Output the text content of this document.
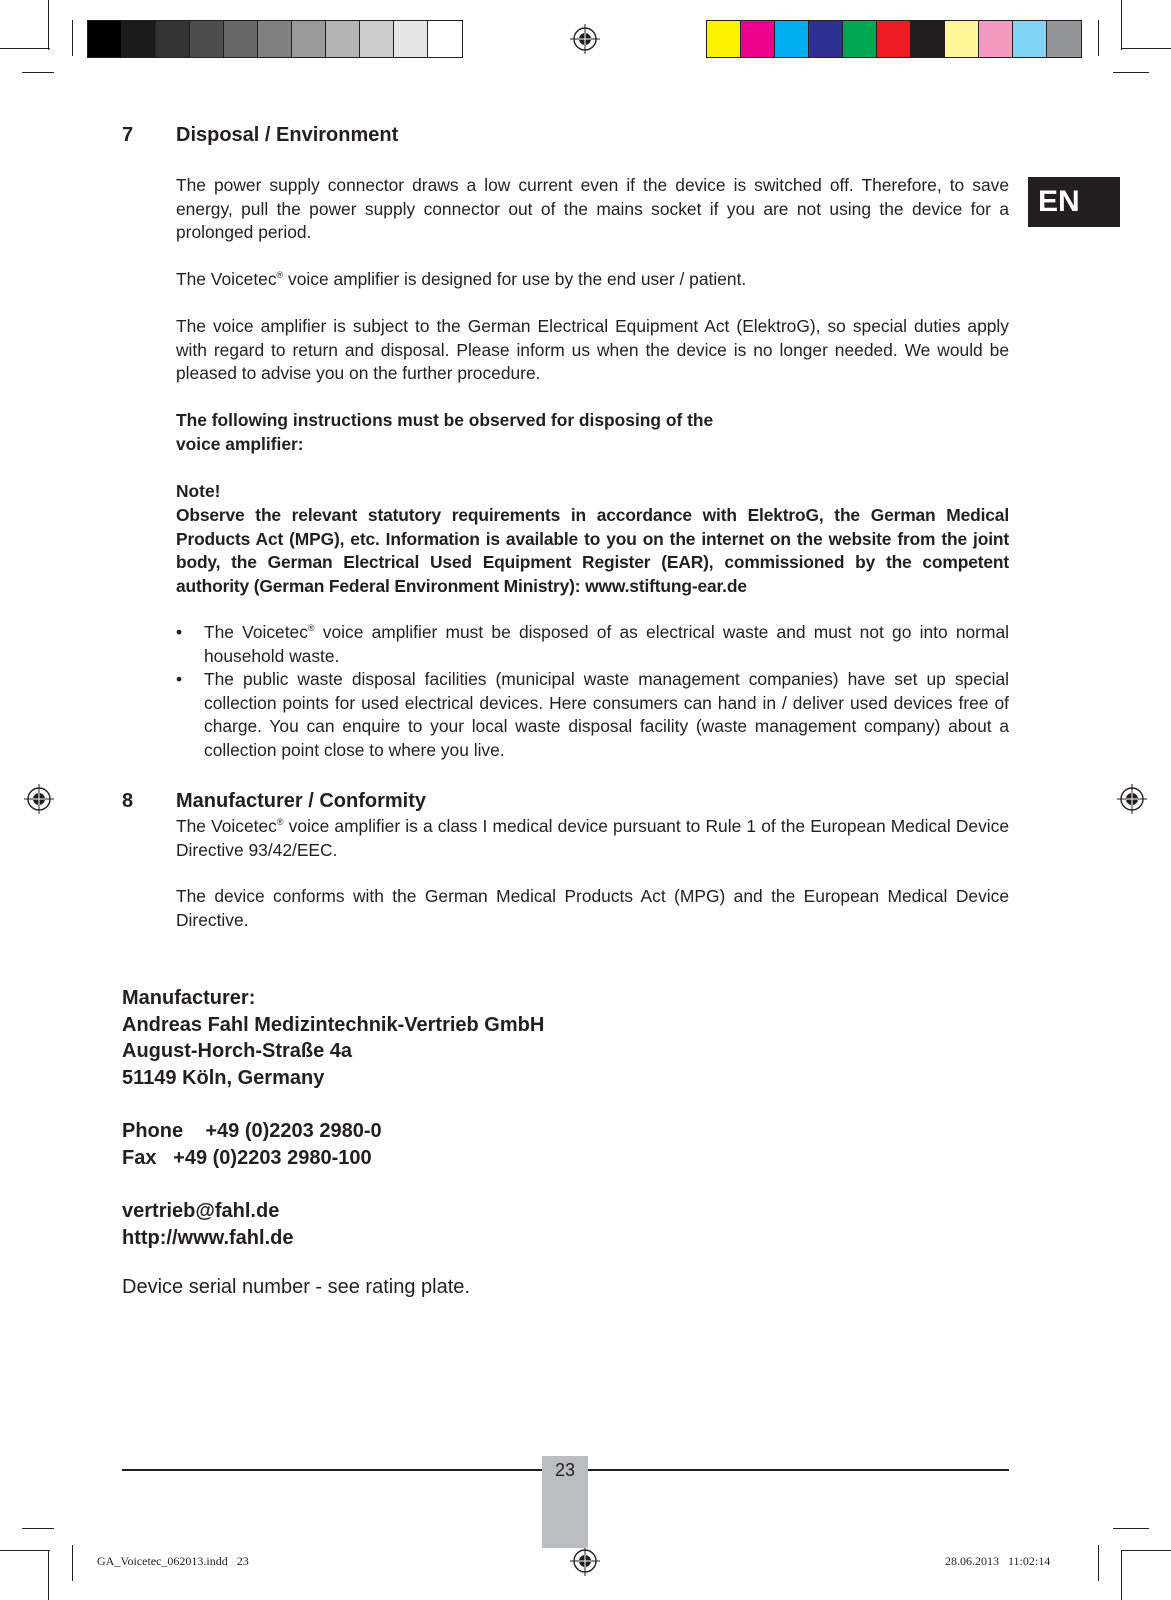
EN
7 Disposal / Environment
The power supply connector draws a low current even if the device is switched off. Therefore, to save energy, pull the power supply connector out of the mains socket if you are not using the device for a prolonged period.
The Voicetec® voice amplifier is designed for use by the end user / patient.
The voice amplifier is subject to the German Electrical Equipment Act (ElektroG), so special duties apply with regard to return and disposal. Please inform us when the device is no longer needed. We would be pleased to advise you on the further procedure.
The following instructions must be observed for disposing of the
voice amplifier:
Note!
Observe the relevant statutory requirements in accordance with ElektroG, the German Medical Products Act (MPG), etc. Information is available to you on the internet on the website from the joint body, the German Electrical Used Equipment Register (EAR), commissioned by the competent authority (German Federal Environment Ministry): www.stiftung-ear.de
• The Voicetec® voice amplifier must be disposed of as electrical waste and must not go into normal household waste.
• The public waste disposal facilities (municipal waste management companies) have set up special collection points for used electrical devices. Here consumers can hand in / deliver used devices free of charge. You can enquire to your local waste disposal facility (waste management company) about a collection point close to where you live.
8 Manufacturer / Conformity
The Voicetec® voice amplifier is a class I medical device pursuant to Rule 1 of the European Medical Device Directive 93/42/EEC.
The device conforms with the German Medical Products Act (MPG) and the European Medical Device Directive.
Manufacturer:
Andreas Fahl Medizintechnik-Vertrieb GmbH
August-Horch-Straße 4a
51149 Köln, Germany
Phone +49 (0)2203 2980-0
Fax +49 (0)2203 2980-100
vertrieb@fahl.de
http://www.fahl.de
Device serial number - see rating plate.
23
GA_Voicetec_062013.indd   23	28.06.2013   11:02:14
